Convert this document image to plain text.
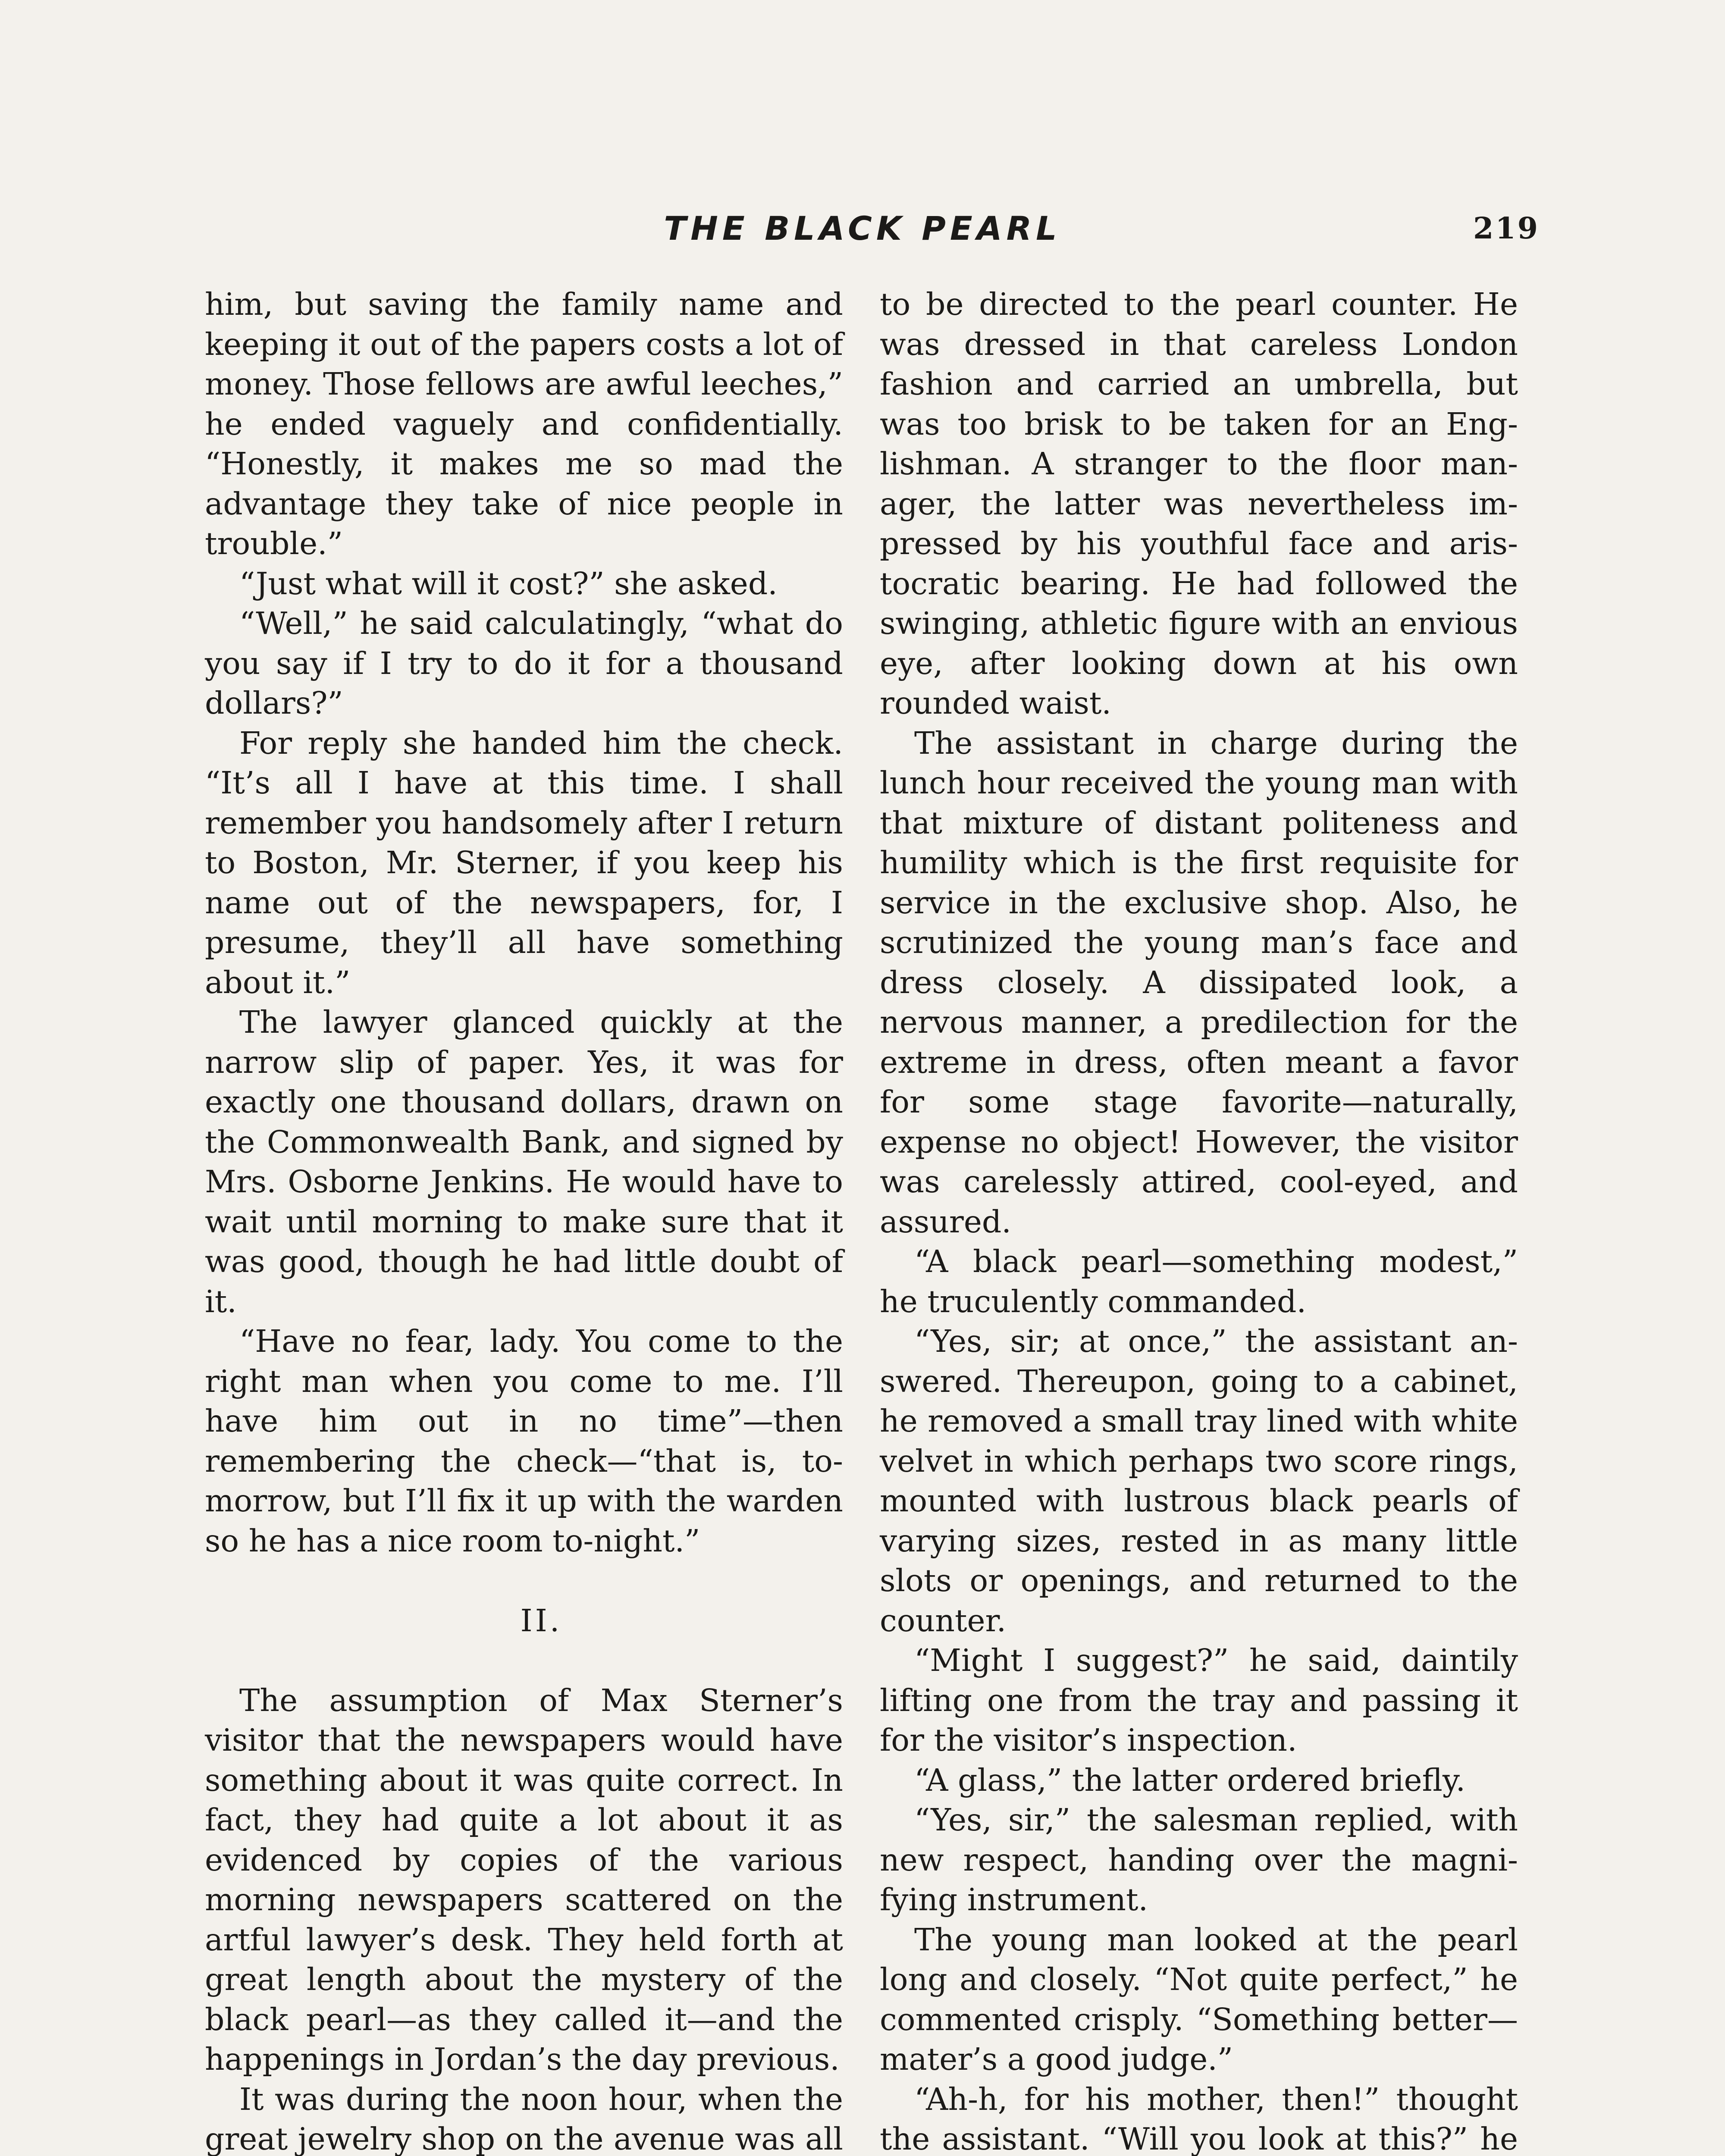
THE BLACK PEARL	219

him, but saving the family name and keeping it out of the papers costs a lot of money. Those fellows are awful leeches,” he ended vaguely and confidentially. “Honestly, it makes me so mad the advantage they take of nice people in trouble.”

“Just what will it cost?” she asked.

“Well,” he said calculatingly, “what do you say if I try to do it for a thousand dollars?”

For reply she handed him the check. “It’s all I have at this time. I shall remember you handsomely after I return to Boston, Mr. Sterner, if you keep his name out of the newspapers, for, I presume, they’ll all have something about it.”

The lawyer glanced quickly at the narrow slip of paper. Yes, it was for exactly one thousand dollars, drawn on the Commonwealth Bank, and signed by Mrs. Osborne Jenkins. He would have to wait until morning to make sure that it was good, though he had little doubt of it.

“Have no fear, lady. You come to the right man when you come to me. I’ll have him out in no time”—then remembering the check—“that is, tomorrow, but I’ll fix it up with the warden so he has a nice room to-night.”

II.

The assumption of Max Sterner’s visitor that the newspapers would have something about it was quite correct. In fact, they had quite a lot about it as evidenced by copies of the various morning newspapers scattered on the artful lawyer’s desk. They held forth at great length about the mystery of the black pearl—as they called it—and the happenings in Jordan’s the day previous.

It was during the noon hour, when the great jewelry shop on the avenue was all

to be directed to the pearl counter. He was dressed in that careless London fashion and carried an umbrella, but was too brisk to be taken for an Englishman. A stranger to the floor manager, the latter was nevertheless impressed by his youthful face and aristocratic bearing. He had followed the swinging, athletic figure with an envious eye, after looking down at his own rounded waist.

The assistant in charge during the lunch hour received the young man with that mixture of distant politeness and humility which is the first requisite for service in the exclusive shop. Also, he scrutinized the young man’s face and dress closely. A dissipated look, a nervous manner, a predilection for the extreme in dress, often meant a favor for some stage favorite—naturally, expense no object! However, the visitor was carelessly attired, cool-eyed, and assured.

“A black pearl—something modest,” he truculently commanded.

“Yes, sir; at once,” the assistant answered. Thereupon, going to a cabinet, he removed a small tray lined with white velvet in which perhaps two score rings, mounted with lustrous black pearls of varying sizes, rested in as many little slots or openings, and returned to the counter.

“Might I suggest?” he said, daintily lifting one from the tray and passing it for the visitor’s inspection.

“A glass,” the latter ordered briefly.

“Yes, sir,” the salesman replied, with new respect, handing over the magnifying instrument.

The young man looked at the pearl long and closely. “Not quite perfect,” he commented crisply. “Something better—mater’s a good judge.”

“Ah-h, for his mother, then!” thought the assistant. “Will you look at this?” he
